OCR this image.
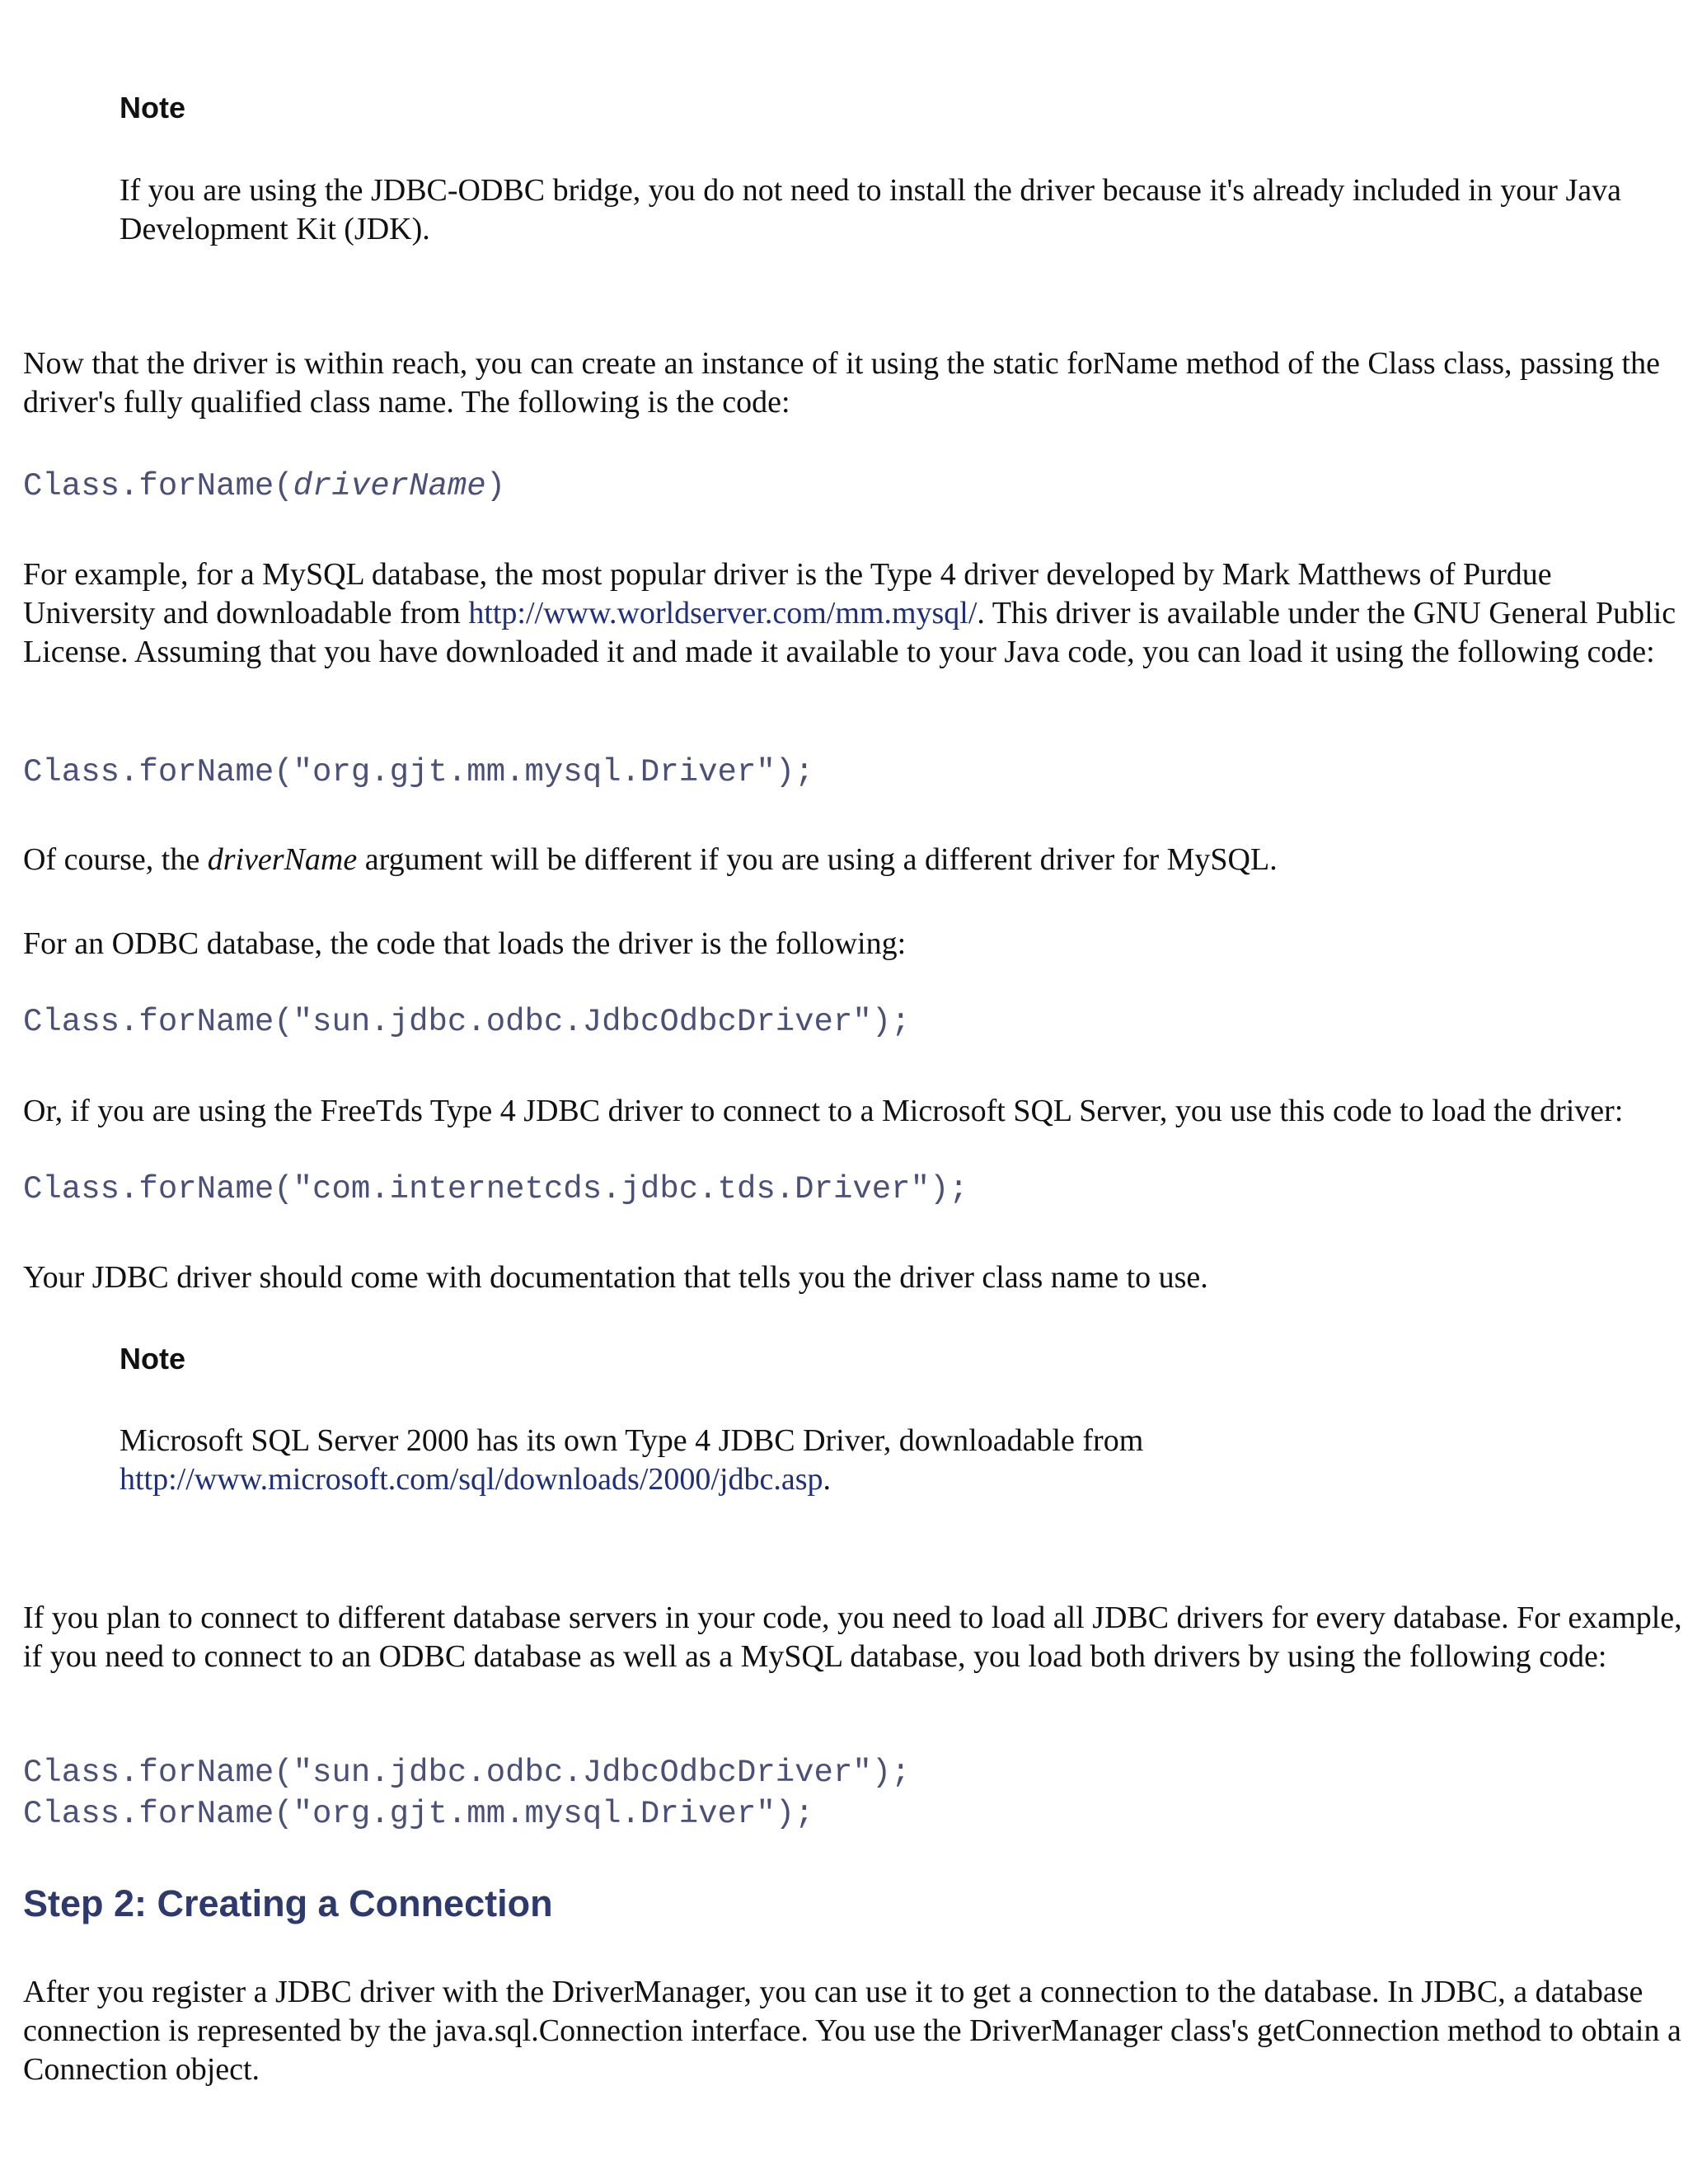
Note

If you are using the JDBC-ODBC bridge, you do not need to install the driver because it's already included in your Java Development Kit (JDK).

Now that the driver is within reach, you can create an instance of it using the static forName method of the Class class, passing the driver's fully qualified class name. The following is the code:

Class.forName(driverName)

For example, for a MySQL database, the most popular driver is the Type 4 driver developed by Mark Matthews of Purdue University and downloadable from http://www.worldserver.com/mm.mysql/. This driver is available under the GNU General Public License. Assuming that you have downloaded it and made it available to your Java code, you can load it using the following code:

Class.forName("org.gjt.mm.mysql.Driver");

Of course, the driverName argument will be different if you are using a different driver for MySQL.

For an ODBC database, the code that loads the driver is the following:

Class.forName("sun.jdbc.odbc.JdbcOdbcDriver");

Or, if you are using the FreeTds Type 4 JDBC driver to connect to a Microsoft SQL Server, you use this code to load the driver:

Class.forName("com.internetcds.jdbc.tds.Driver");

Your JDBC driver should come with documentation that tells you the driver class name to use.

Note

Microsoft SQL Server 2000 has its own Type 4 JDBC Driver, downloadable from http://www.microsoft.com/sql/downloads/2000/jdbc.asp.

If you plan to connect to different database servers in your code, you need to load all JDBC drivers for every database. For example, if you need to connect to an ODBC database as well as a MySQL database, you load both drivers by using the following code:

Class.forName("sun.jdbc.odbc.JdbcOdbcDriver");
Class.forName("org.gjt.mm.mysql.Driver");
Step 2: Creating a Connection

After you register a JDBC driver with the DriverManager, you can use it to get a connection to the database. In JDBC, a database connection is represented by the java.sql.Connection interface. You use the DriverManager class's getConnection method to obtain a Connection object.
